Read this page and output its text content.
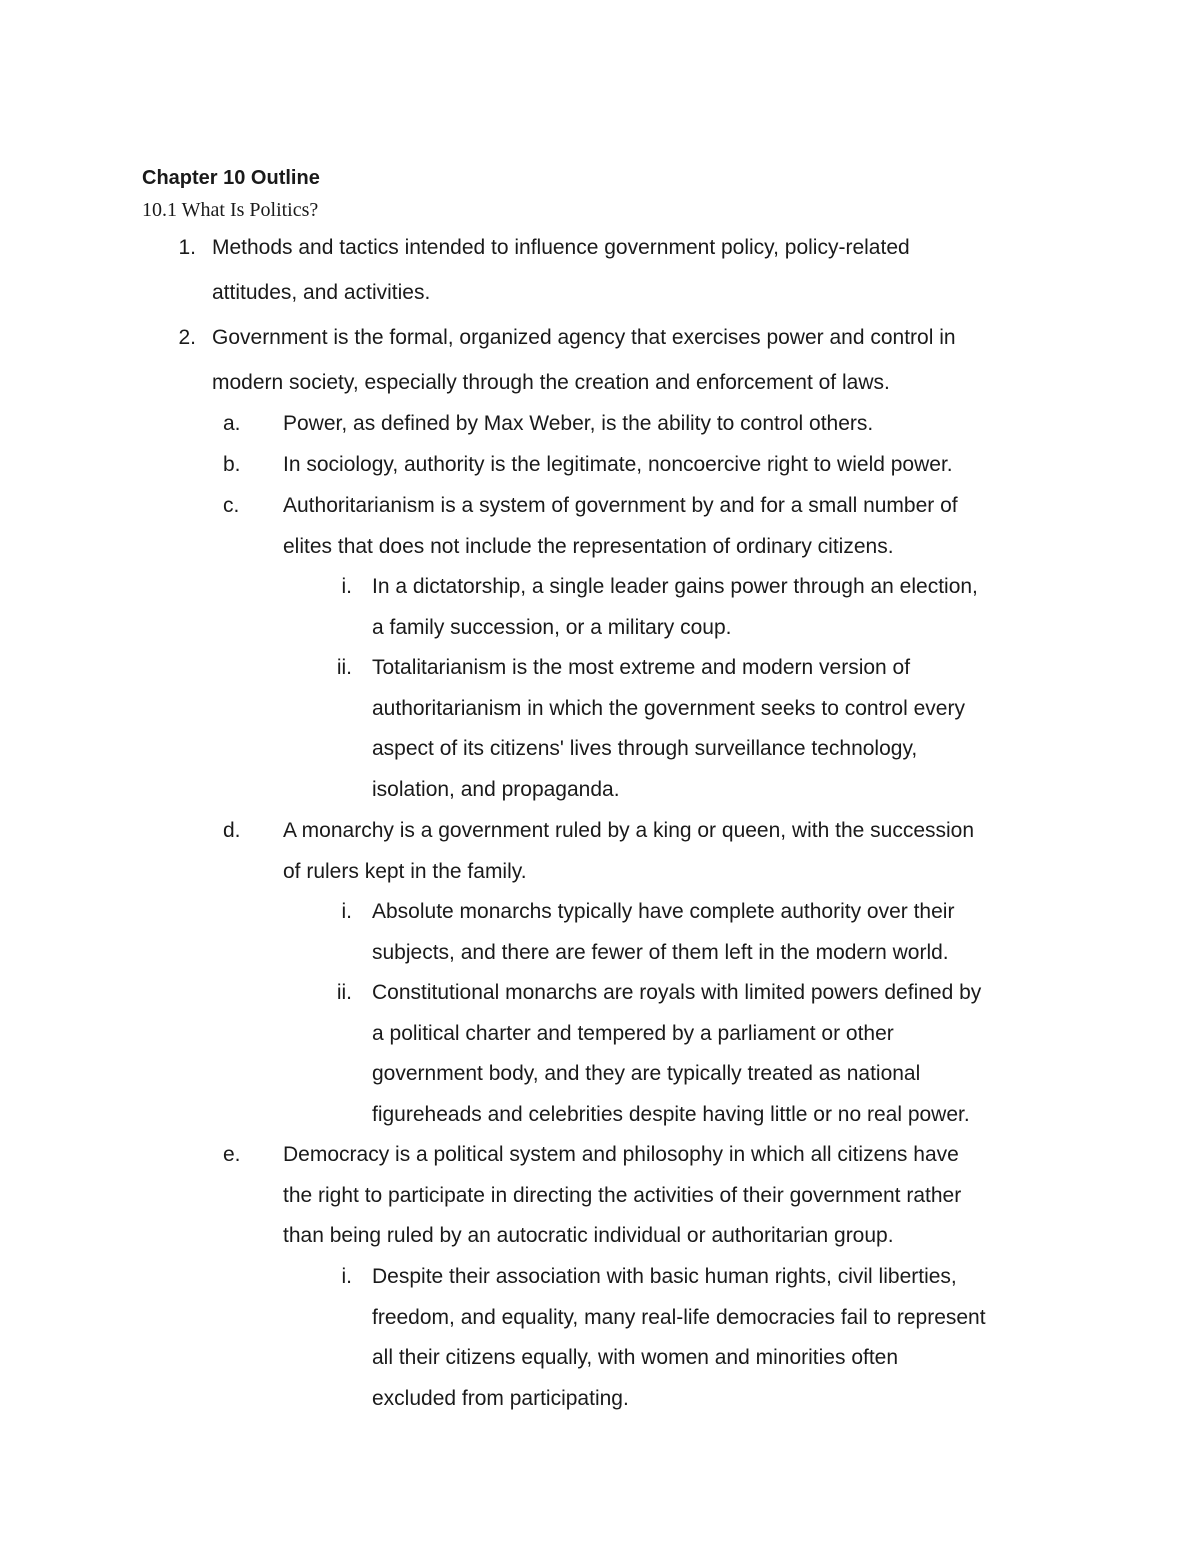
Chapter 10 Outline
10.1 What Is Politics?
1. Methods and tactics intended to influence government policy, policy-related
attitudes, and activities.
2. Government is the formal, organized agency that exercises power and control in
modern society, especially through the creation and enforcement of laws.
a.	Power, as defined by Max Weber, is the ability to control others.
b.	In sociology, authority is the legitimate, noncoercive right to wield power.
c.	Authoritarianism is a system of government by and for a small number of
elites that does not include the representation of ordinary citizens.
i. In a dictatorship, a single leader gains power through an election,
a family succession, or a military coup.
ii. Totalitarianism is the most extreme and modern version of
authoritarianism in which the government seeks to control every
aspect of its citizens' lives through surveillance technology,
isolation, and propaganda.
d.	A monarchy is a government ruled by a king or queen, with the succession
of rulers kept in the family.
i. Absolute monarchs typically have complete authority over their
subjects, and there are fewer of them left in the modern world.
ii. Constitutional monarchs are royals with limited powers defined by
a political charter and tempered by a parliament or other
government body, and they are typically treated as national
figureheads and celebrities despite having little or no real power.
e.	Democracy is a political system and philosophy in which all citizens have
the right to participate in directing the activities of their government rather
than being ruled by an autocratic individual or authoritarian group.
i. Despite their association with basic human rights, civil liberties,
freedom, and equality, many real-life democracies fail to represent
all their citizens equally, with women and minorities often
excluded from participating.
